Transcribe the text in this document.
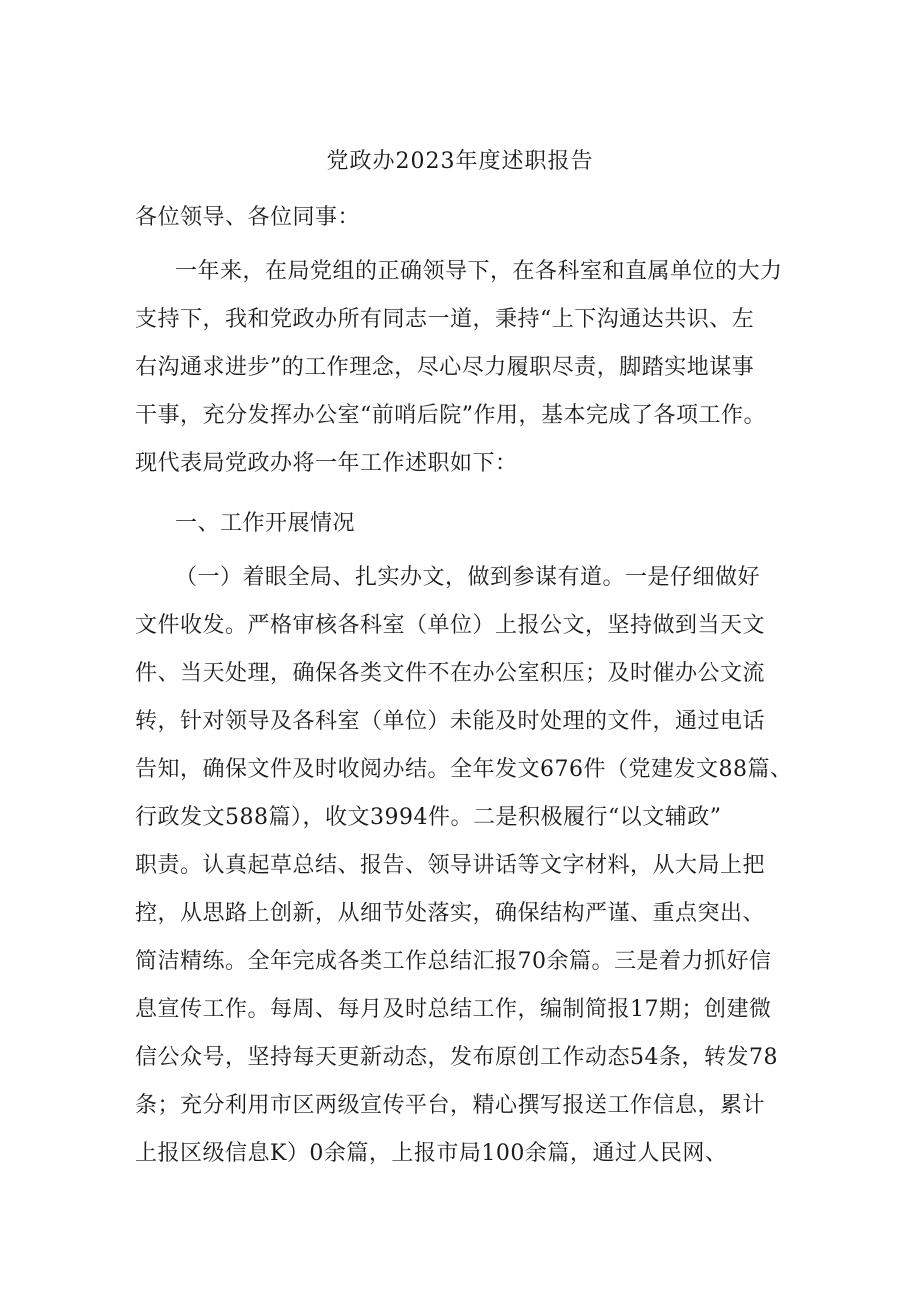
党政办2023年度述职报告
各位领导、各位同事：
一年来，在局党组的正确领导下，在各科室和直属单位的大力
支持下，我和党政办所有同志一道，秉持“上下沟通达共识、左
右沟通求进步”的工作理念，尽心尽力履职尽责，脚踏实地谋事
干事，充分发挥办公室“前哨后院”作用，基本完成了各项工作。
现代表局党政办将一年工作述职如下：
一、工作开展情况
（一）着眼全局、扎实办文，做到参谋有道。一是仔细做好
文件收发。严格审核各科室（单位）上报公文，坚持做到当天文
件、当天处理，确保各类文件不在办公室积压；及时催办公文流
转，针对领导及各科室（单位）未能及时处理的文件，通过电话
告知，确保文件及时收阅办结。全年发文676件（党建发文88篇、
行政发文588篇），收文3994件。二是积极履行“以文辅政”
职责。认真起草总结、报告、领导讲话等文字材料，从大局上把
控，从思路上创新，从细节处落实，确保结构严谨、重点突出、
简洁精练。全年完成各类工作总结汇报70余篇。三是着力抓好信
息宣传工作。每周、每月及时总结工作，编制简报17期；创建微
信公众号，坚持每天更新动态，发布原创工作动态54条，转发78
条；充分利用市区两级宣传平台，精心撰写报送工作信息，累计
上报区级信息K）0余篇，上报市局100余篇，通过人民网、
